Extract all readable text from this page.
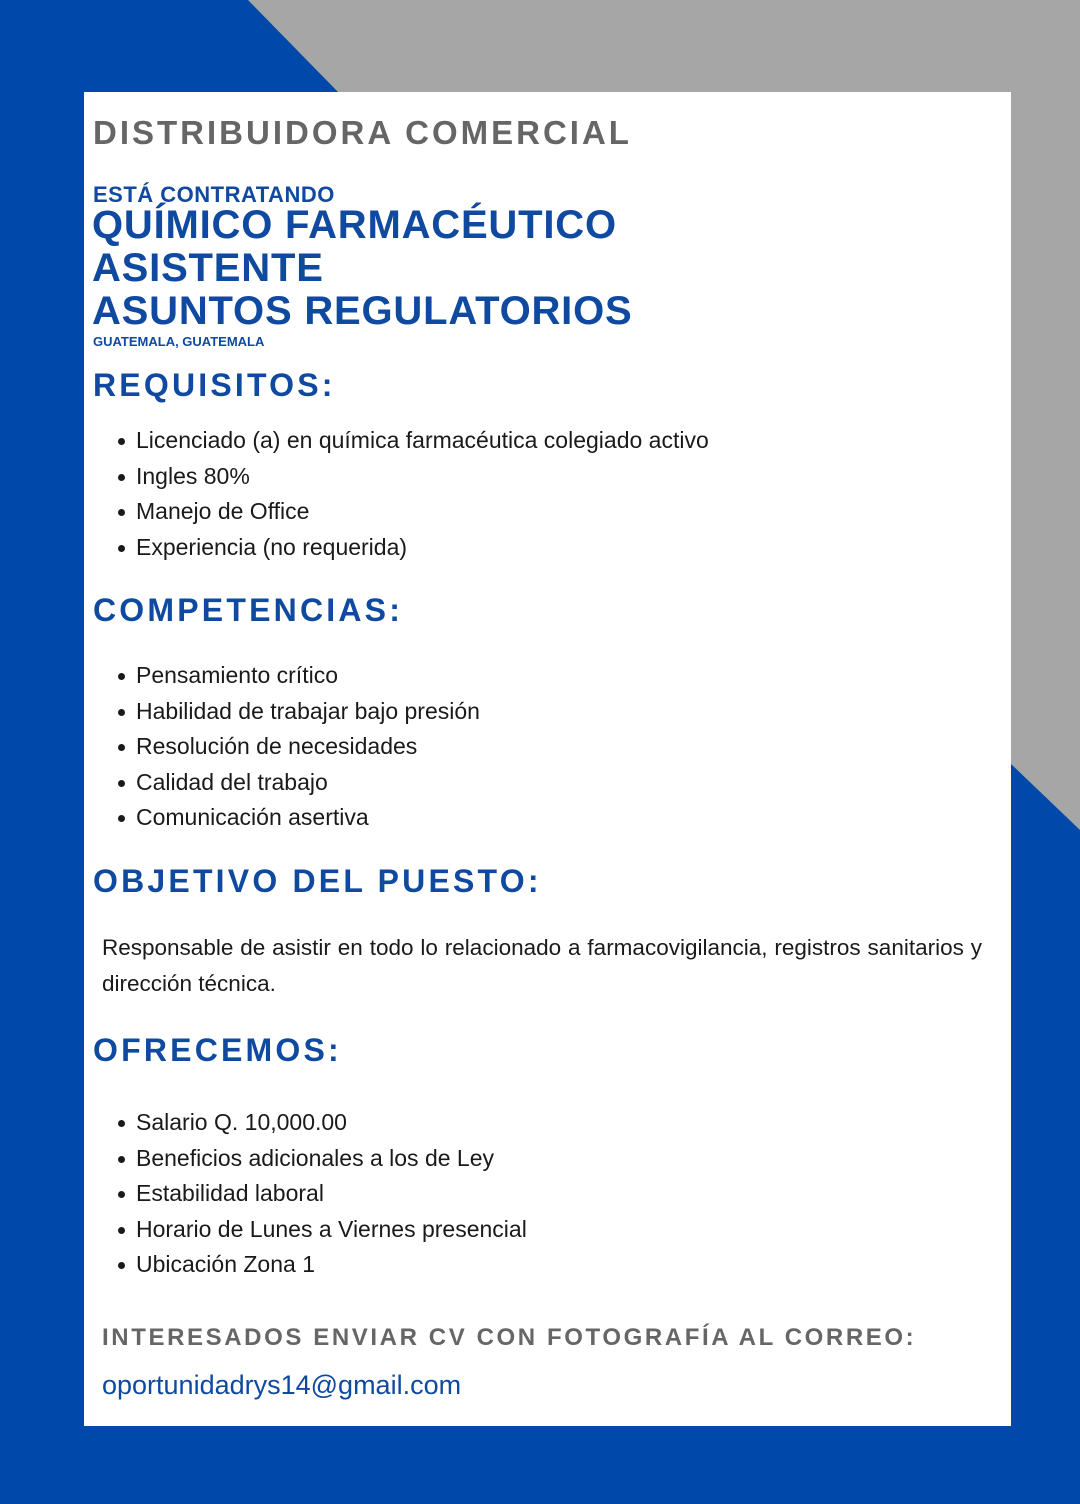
DISTRIBUIDORA COMERCIAL
ESTÁ CONTRATANDO
QUÍMICO FARMACÉUTICO
ASISTENTE
ASUNTOS REGULATORIOS
GUATEMALA, GUATEMALA
REQUISITOS:
Licenciado (a) en química farmacéutica colegiado activo
Ingles 80%
Manejo de Office
Experiencia (no requerida)
COMPETENCIAS:
Pensamiento crítico
Habilidad de trabajar bajo presión
Resolución de necesidades
Calidad del trabajo
Comunicación asertiva
OBJETIVO DEL PUESTO:
Responsable de asistir en todo lo relacionado a farmacovigilancia, registros sanitarios y dirección técnica.
OFRECEMOS:
Salario Q. 10,000.00
Beneficios adicionales a los de Ley
Estabilidad laboral
Horario de Lunes a Viernes presencial
Ubicación Zona 1
INTERESADOS ENVIAR CV CON FOTOGRAFÍA AL CORREO:
oportunidadrys14@gmail.com
